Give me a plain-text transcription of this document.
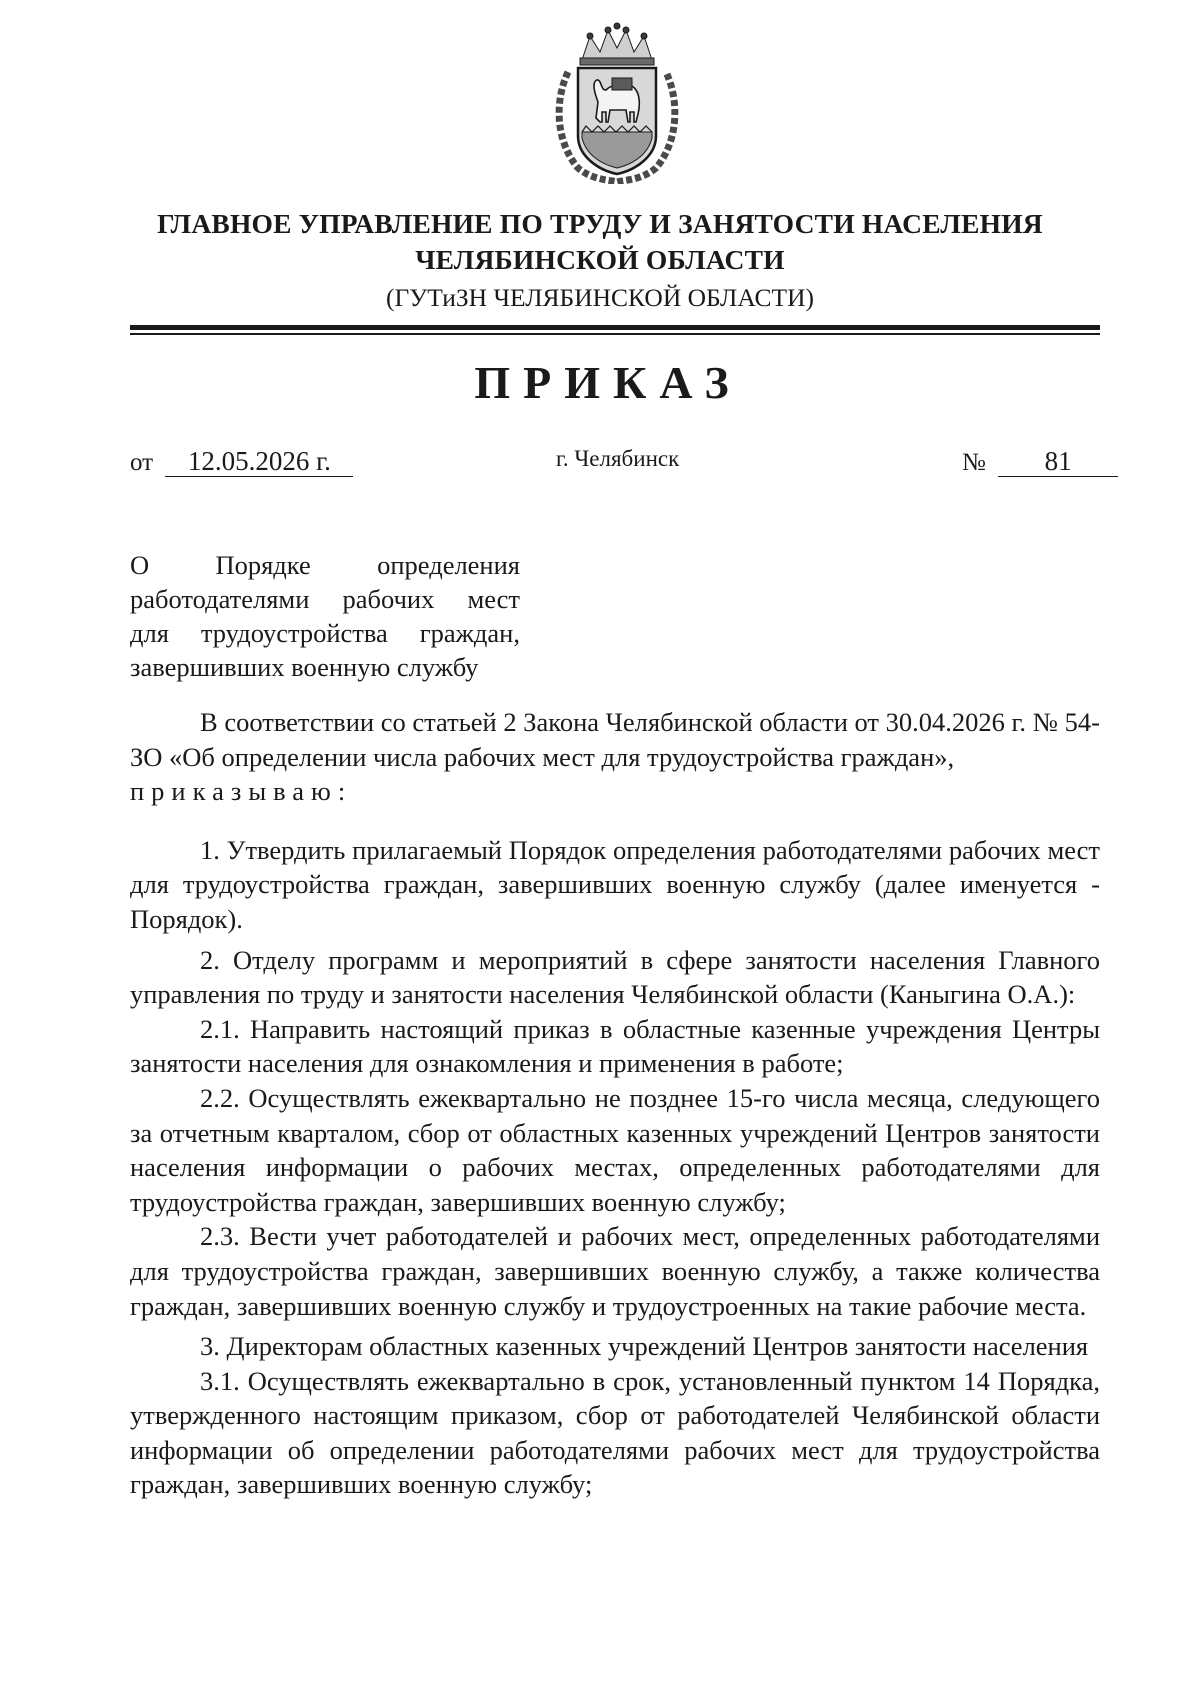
ГЛАВНОЕ УПРАВЛЕНИЕ ПО ТРУДУ И ЗАНЯТОСТИ НАСЕЛЕНИЯ
ЧЕЛЯБИНСКОЙ ОБЛАСТИ
(ГУТиЗН ЧЕЛЯБИНСКОЙ ОБЛАСТИ)
ПРИКАЗ
от 12.05.2026 г.	г. Челябинск	№ 81
О Порядке определения
работодателями рабочих мест
для трудоустройства граждан,
завершивших военную службу

В соответствии со статьей 2 Закона Челябинской области от 30.04.2026 г. № 54-ЗО «Об определении числа рабочих мест для трудоустройства граждан»,

приказываю:

1. Утвердить прилагаемый Порядок определения работодателями рабочих мест для трудоустройства граждан, завершивших военную службу (далее именуется - Порядок).

2. Отделу программ и мероприятий в сфере занятости населения Главного управления по труду и занятости населения Челябинской области (Каныгина О.А.):

2.1. Направить настоящий приказ в областные казенные учреждения Центры занятости населения для ознакомления и применения в работе;

2.2. Осуществлять ежеквартально не позднее 15-го числа месяца, следующего за отчетным кварталом, сбор от областных казенных учреждений Центров занятости населения информации о рабочих местах, определенных работодателями для трудоустройства граждан, завершивших военную службу;

2.3. Вести учет работодателей и рабочих мест, определенных работодателями для трудоустройства граждан, завершивших военную службу, а также количества граждан, завершивших военную службу и трудоустроенных на такие рабочие места.

3. Директорам областных казенных учреждений Центров занятости населения

3.1. Осуществлять ежеквартально в срок, установленный пунктом 14 Порядка, утвержденного настоящим приказом, сбор от работодателей Челябинской области информации об определении работодателями рабочих мест для трудоустройства граждан, завершивших военную службу;
